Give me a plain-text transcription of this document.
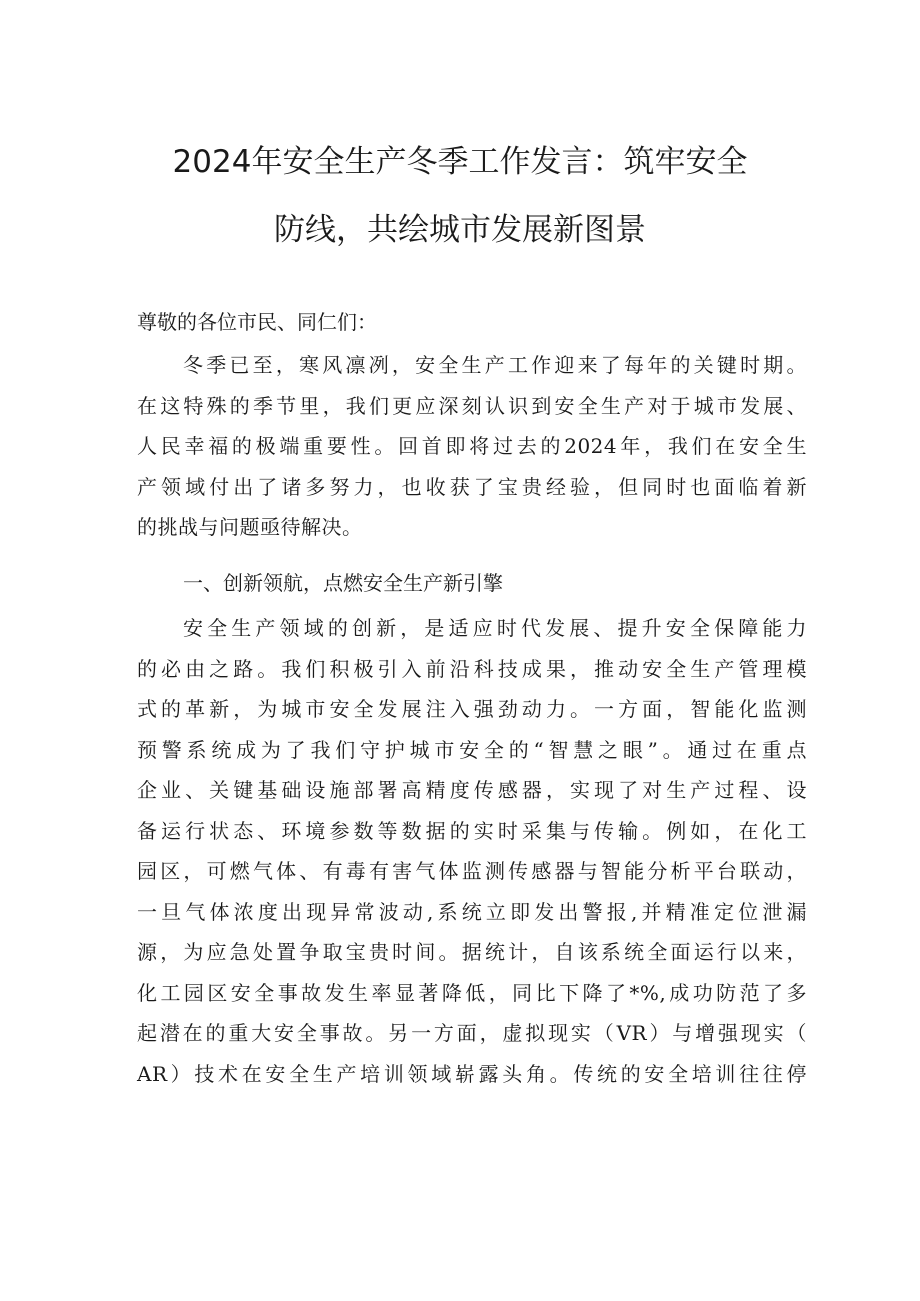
2024年安全生产冬季工作发言：筑牢安全
防线，共绘城市发展新图景
尊敬的各位市民、同仁们：
冬季已至，寒风凛冽，安全生产工作迎来了每年的关键时期。
在这特殊的季节里，我们更应深刻认识到安全生产对于城市发展、
人民幸福的极端重要性。回首即将过去的2024年，我们在安全生
产领域付出了诸多努力，也收获了宝贵经验，但同时也面临着新
的挑战与问题亟待解决。
一、创新领航，点燃安全生产新引擎
安全生产领域的创新，是适应时代发展、提升安全保障能力
的必由之路。我们积极引入前沿科技成果，推动安全生产管理模
式的革新，为城市安全发展注入强劲动力。一方面，智能化监测
预警系统成为了我们守护城市安全的“智慧之眼”。通过在重点
企业、关键基础设施部署高精度传感器，实现了对生产过程、设
备运行状态、环境参数等数据的实时采集与传输。例如，在化工
园区，可燃气体、有毒有害气体监测传感器与智能分析平台联动，
一旦气体浓度出现异常波动,系统立即发出警报,并精准定位泄漏
源，为应急处置争取宝贵时间。据统计，自该系统全面运行以来，
化工园区安全事故发生率显著降低，同比下降了*%,成功防范了多
起潜在的重大安全事故。另一方面，虚拟现实（VR）与增强现实（
AR）技术在安全生产培训领域崭露头角。传统的安全培训往往停
